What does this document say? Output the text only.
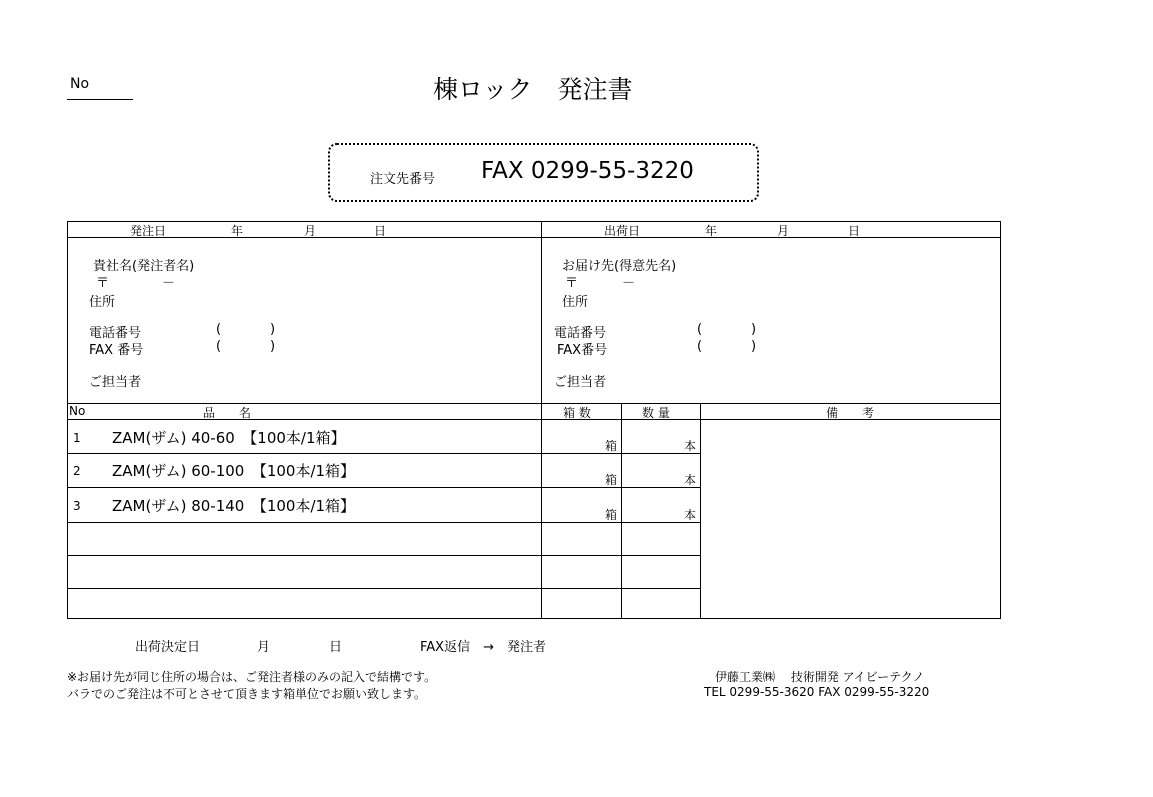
No	棟ロック　発注書
注文先番号 FAX 0299-55-3220
発注日	年	月	日	出荷日	年	月	日
貴社名(発注者名)
〒	－
住所
電話番号	(	)
FAX 番号	(	)
ご担当者
お届け先(得意先名)
〒	－
住所
電話番号	(	)
FAX番号	(	)
ご担当者
No	品　　名	箱 数	数 量	備　　考
1 ZAM(ザム) 40-60　【100本/1箱】	箱	本
2 ZAM(ザム) 60-100　【100本/1箱】	箱	本
3 ZAM(ザム) 80-140　【100本/1箱】	箱	本
出荷決定日	月	日	FAX返信　→　発注者
※お届け先が同じ住所の場合は、ご発注者様のみの記入で結構です。
バラでのご発注は不可とさせて頂きます箱単位でお願い致します。
伊藤工業㈱　 技術開発 アイビーテクノ
TEL 0299-55-3620 FAX 0299-55-3220
